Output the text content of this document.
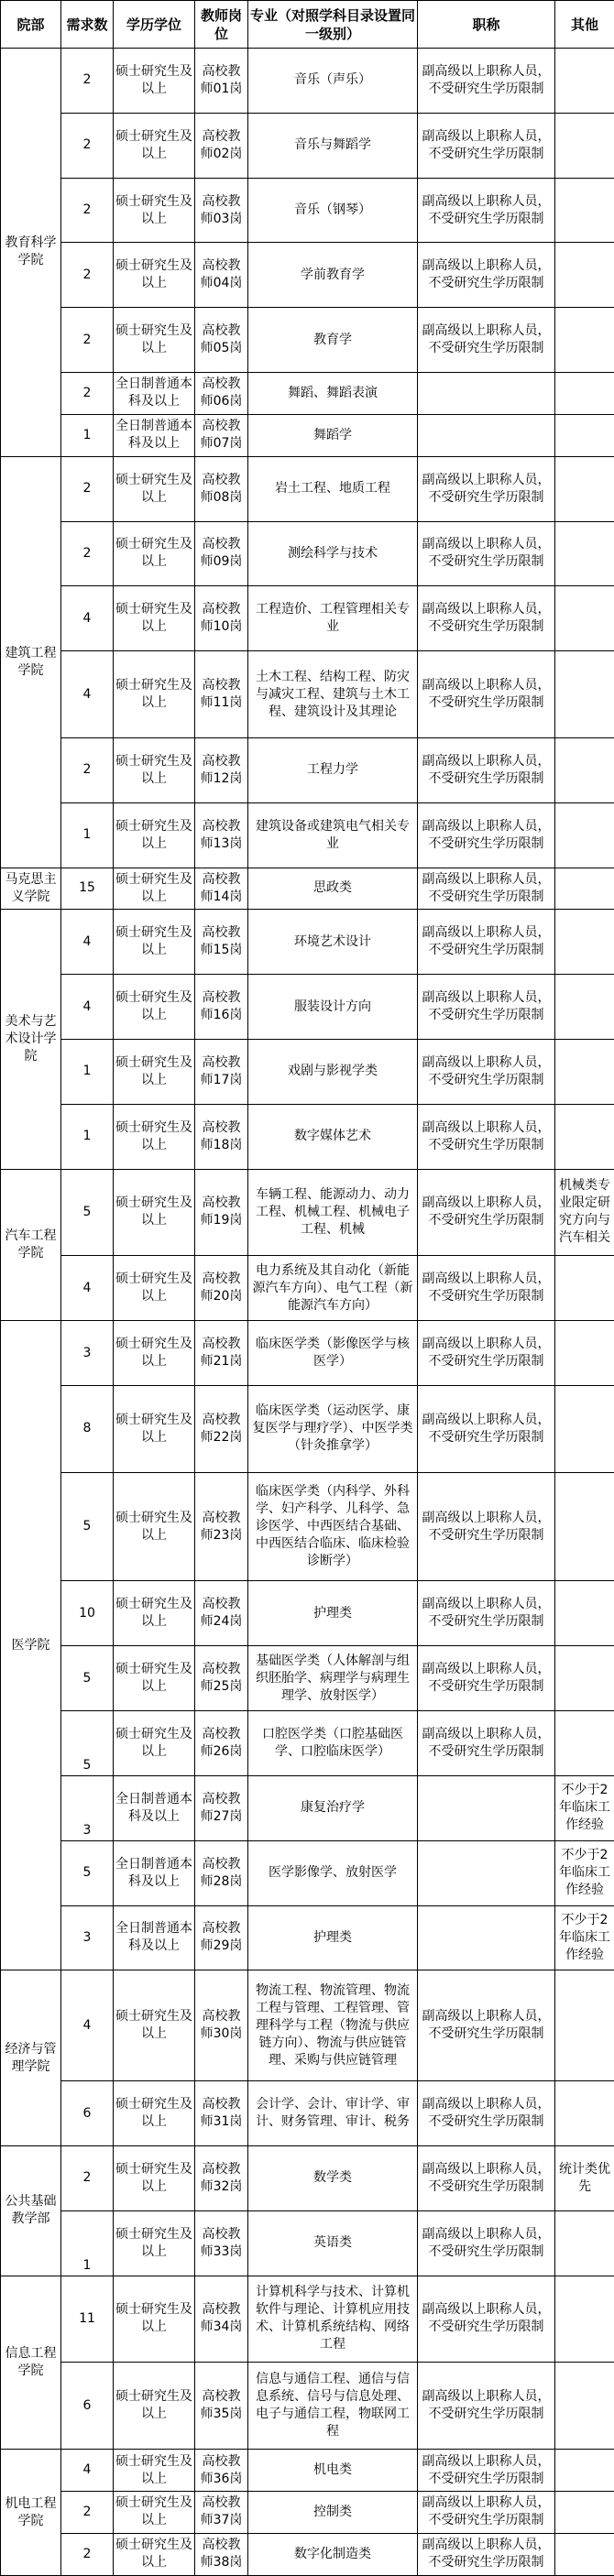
院部	需求数	学历学位	教师岗位	专业（对照学科目录设置同一级别）	职称	其他
教育科学学院	2	硕士研究生及以上	高校教师01岗	音乐（声乐）	副高级以上职称人员，不受研究生学历限制	
	2	硕士研究生及以上	高校教师02岗	音乐与舞蹈学	副高级以上职称人员，不受研究生学历限制	
	2	硕士研究生及以上	高校教师03岗	音乐（钢琴）	副高级以上职称人员，不受研究生学历限制	
	2	硕士研究生及以上	高校教师04岗	学前教育学	副高级以上职称人员，不受研究生学历限制	
	2	硕士研究生及以上	高校教师05岗	教育学	副高级以上职称人员，不受研究生学历限制	
	2	全日制普通本科及以上	高校教师06岗	舞蹈、舞蹈表演		
	1	全日制普通本科及以上	高校教师07岗	舞蹈学		
建筑工程学院	2	硕士研究生及以上	高校教师08岗	岩土工程、地质工程	副高级以上职称人员，不受研究生学历限制	
	2	硕士研究生及以上	高校教师09岗	测绘科学与技术	副高级以上职称人员，不受研究生学历限制	
	4	硕士研究生及以上	高校教师10岗	工程造价、工程管理相关专业	副高级以上职称人员，不受研究生学历限制	
	4	硕士研究生及以上	高校教师11岗	土木工程、结构工程、防灾与减灾工程、建筑与土木工程、建筑设计及其理论	副高级以上职称人员，不受研究生学历限制	
	2	硕士研究生及以上	高校教师12岗	工程力学	副高级以上职称人员，不受研究生学历限制	
	1	硕士研究生及以上	高校教师13岗	建筑设备或建筑电气相关专业	副高级以上职称人员，不受研究生学历限制	
马克思主义学院	15	硕士研究生及以上	高校教师14岗	思政类	副高级以上职称人员，不受研究生学历限制	
美术与艺术设计学院	4	硕士研究生及以上	高校教师15岗	环境艺术设计	副高级以上职称人员，不受研究生学历限制	
	4	硕士研究生及以上	高校教师16岗	服装设计方向	副高级以上职称人员，不受研究生学历限制	
	1	硕士研究生及以上	高校教师17岗	戏剧与影视学类	副高级以上职称人员，不受研究生学历限制	
	1	硕士研究生及以上	高校教师18岗	数字媒体艺术	副高级以上职称人员，不受研究生学历限制	
汽车工程学院	5	硕士研究生及以上	高校教师19岗	车辆工程、能源动力、动力工程、机械工程、机械电子工程、机械	副高级以上职称人员，不受研究生学历限制	机械类专业限定研究方向与汽车相关
	4	硕士研究生及以上	高校教师20岗	电力系统及其自动化（新能源汽车方向）、电气工程（新能源汽车方向）	副高级以上职称人员，不受研究生学历限制	
医学院	3	硕士研究生及以上	高校教师21岗	临床医学类（影像医学与核医学）	副高级以上职称人员，不受研究生学历限制	
	8	硕士研究生及以上	高校教师22岗	临床医学类（运动医学、康复医学与理疗学）、中医学类（针灸推拿学）	副高级以上职称人员，不受研究生学历限制	
	5	硕士研究生及以上	高校教师23岗	临床医学类（内科学、外科学、妇产科学、儿科学、急诊医学、中西医结合基础、中西医结合临床、临床检验诊断学）	副高级以上职称人员，不受研究生学历限制	
	10	硕士研究生及以上	高校教师24岗	护理类	副高级以上职称人员，不受研究生学历限制	
	5	硕士研究生及以上	高校教师25岗	基础医学类（人体解剖与组织胚胎学、病理学与病理生理学、放射医学）	副高级以上职称人员，不受研究生学历限制	
	5	硕士研究生及以上	高校教师26岗	口腔医学类（口腔基础医学、口腔临床医学）	副高级以上职称人员，不受研究生学历限制	
	3	全日制普通本科及以上	高校教师27岗	康复治疗学		不少于2年临床工作经验
	5	全日制普通本科及以上	高校教师28岗	医学影像学、放射医学		不少于2年临床工作经验
	3	全日制普通本科及以上	高校教师29岗	护理类		不少于2年临床工作经验
经济与管理学院	4	硕士研究生及以上	高校教师30岗	物流工程、物流管理、物流工程与管理、工程管理、管理科学与工程（物流与供应链方向）、物流与供应链管理、采购与供应链管理	副高级以上职称人员，不受研究生学历限制	
	6	硕士研究生及以上	高校教师31岗	会计学、会计、审计学、审计、财务管理、审计、税务	副高级以上职称人员，不受研究生学历限制	
公共基础教学部	2	硕士研究生及以上	高校教师32岗	数学类	副高级以上职称人员，不受研究生学历限制	统计类优先
	1	硕士研究生及以上	高校教师33岗	英语类	副高级以上职称人员，不受研究生学历限制	
信息工程学院	11	硕士研究生及以上	高校教师34岗	计算机科学与技术、计算机软件与理论、计算机应用技术、计算机系统结构、网络工程	副高级以上职称人员，不受研究生学历限制	
	6	硕士研究生及以上	高校教师35岗	信息与通信工程、通信与信息系统、信号与信息处理、电子与通信工程，物联网工程	副高级以上职称人员，不受研究生学历限制	
机电工程学院	4	硕士研究生及以上	高校教师36岗	机电类	副高级以上职称人员，不受研究生学历限制	
	2	硕士研究生及以上	高校教师37岗	控制类	副高级以上职称人员，不受研究生学历限制	
	2	硕士研究生及以上	高校教师38岗	数字化制造类	副高级以上职称人员，不受研究生学历限制	
